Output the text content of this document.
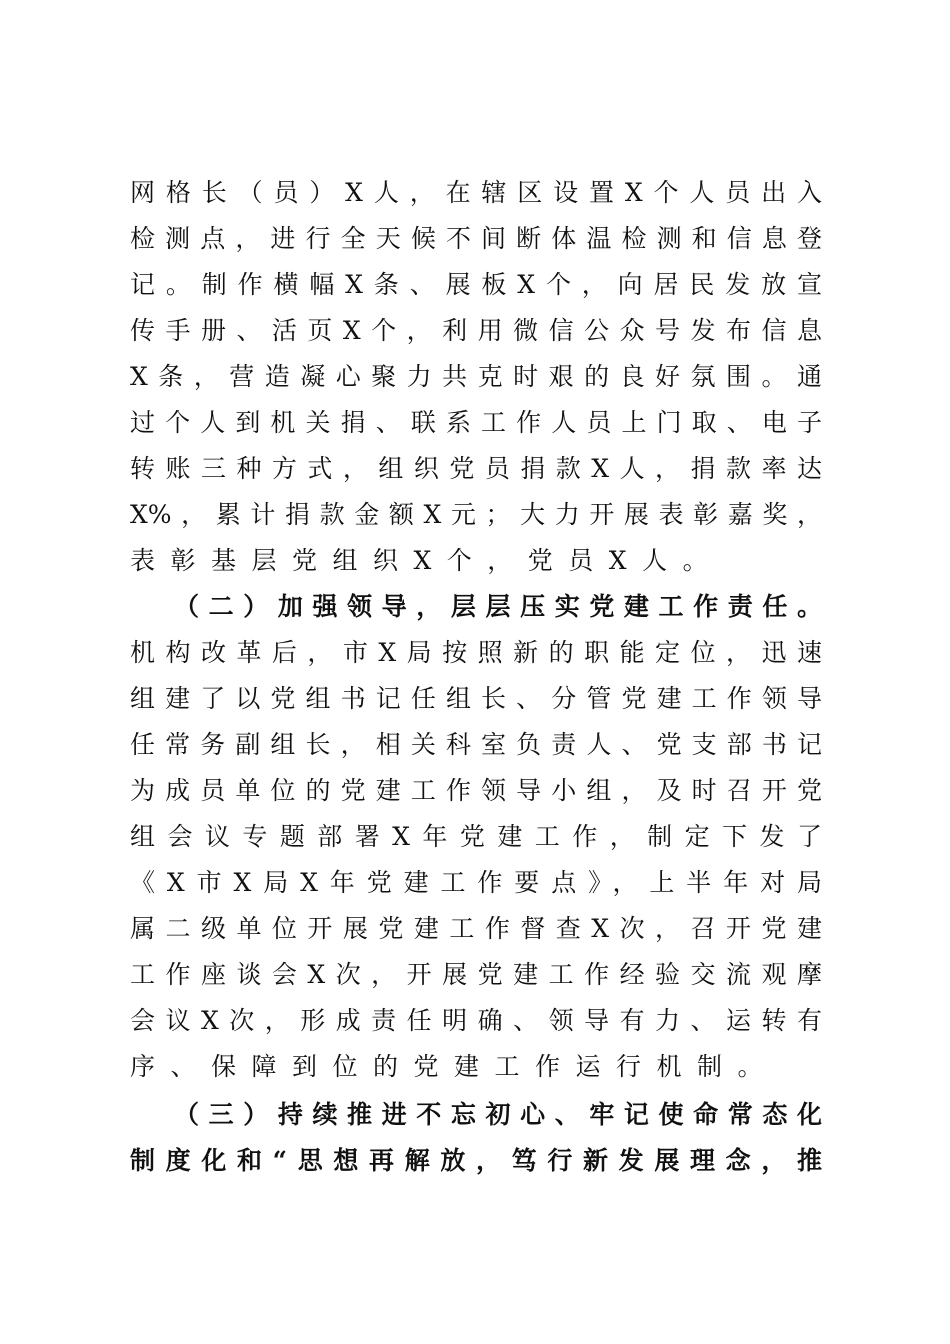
网格长（员）X人，在辖区设置X个人员出入
检测点，进行全天候不间断体温检测和信息登
记。制作横幅X条、展板X个，向居民发放宣
传手册、活页X个，利用微信公众号发布信息
X条，营造凝心聚力共克时艰的良好氛围。通
过个人到机关捐、联系工作人员上门取、电子
转账三种方式，组织党员捐款X人，捐款率达
X%，累计捐款金额X元；大力开展表彰嘉奖，
表彰基层党组织X个，党员X人。
（二）加强领导，层层压实党建工作责任。
机构改革后，市X局按照新的职能定位，迅速
组建了以党组书记任组长、分管党建工作领导
任常务副组长，相关科室负责人、党支部书记
为成员单位的党建工作领导小组，及时召开党
组会议专题部署X年党建工作，制定下发了
《X市X局X年党建工作要点》，上半年对局
属二级单位开展党建工作督查X次，召开党建
工作座谈会X次，开展党建工作经验交流观摩
会议X次，形成责任明确、领导有力、运转有
序、保障到位的党建工作运行机制。
（三）持续推进不忘初心、牢记使命常态化
制度化和“思想再解放，笃行新发展理念，推
